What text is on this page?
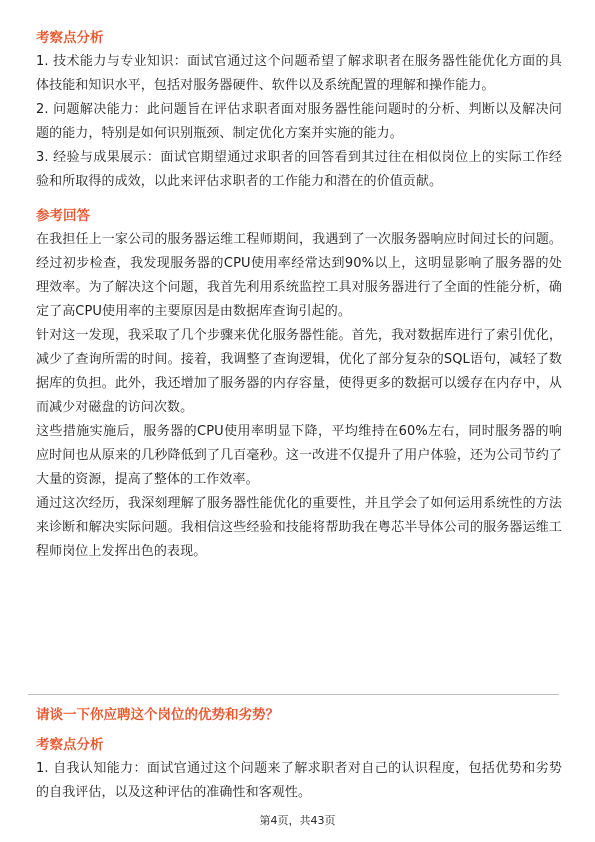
考察点分析

1. 技术能力与专业知识：面试官通过这个问题希望了解求职者在服务器性能优化方面的具体技能和知识水平，包括对服务器硬件、软件以及系统配置的理解和操作能力。

2. 问题解决能力：此问题旨在评估求职者面对服务器性能问题时的分析、判断以及解决问题的能力，特别是如何识别瓶颈、制定优化方案并实施的能力。

3. 经验与成果展示：面试官期望通过求职者的回答看到其过往在相似岗位上的实际工作经验和所取得的成效，以此来评估求职者的工作能力和潜在的价值贡献。

参考回答

在我担任上一家公司的服务器运维工程师期间，我遇到了一次服务器响应时间过长的问题。经过初步检查，我发现服务器的CPU使用率经常达到90%以上，这明显影响了服务器的处理效率。为了解决这个问题，我首先利用系统监控工具对服务器进行了全面的性能分析，确定了高CPU使用率的主要原因是由数据库查询引起的。

针对这一发现，我采取了几个步骤来优化服务器性能。首先，我对数据库进行了索引优化，减少了查询所需的时间。接着，我调整了查询逻辑，优化了部分复杂的SQL语句，减轻了数据库的负担。此外，我还增加了服务器的内存容量，使得更多的数据可以缓存在内存中，从而减少对磁盘的访问次数。

这些措施实施后，服务器的CPU使用率明显下降，平均维持在60%左右，同时服务器的响应时间也从原来的几秒降低到了几百毫秒。这一改进不仅提升了用户体验，还为公司节约了大量的资源，提高了整体的工作效率。

通过这次经历，我深刻理解了服务器性能优化的重要性，并且学会了如何运用系统性的方法来诊断和解决实际问题。我相信这些经验和技能将帮助我在粤芯半导体公司的服务器运维工程师岗位上发挥出色的表现。

请谈一下你应聘这个岗位的优势和劣势？
考察点分析

1. 自我认知能力：面试官通过这个问题来了解求职者对自己的认识程度，包括优势和劣势的自我评估，以及这种评估的准确性和客观性。

第4页，共43页
